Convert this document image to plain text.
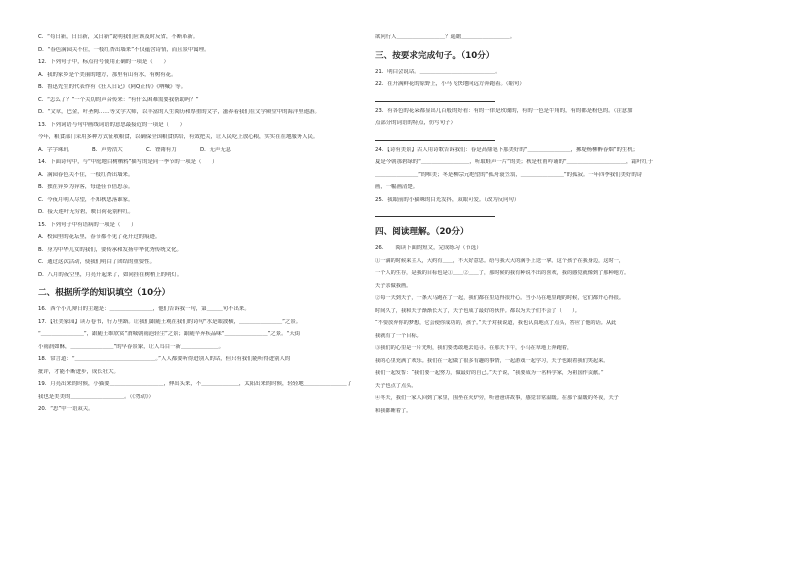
C．“苟日新，日日新，又日新”说明我们应该及时反省，不断革新。
D．“春色满园关不住，一枝红杏出墙来”不仅蕴含诗情，而且景中寓理。
12．下列句子中，标点符号使用正确的一项是（　　）
A．我的家乡是个美丽的地方，那里有山有水，有树有花。
B．鲁迅先生的代表作有《狂人日记》《阿Q正传》《呐喊》等。
C．“怎么了？”一个关切的声音传来：“有什么困难需要我帮助吗？”
D．“文章，巴金，叶圣陶……等文学大师，以丰富的人生阅历和厚重的文字，滋养着我们在文学殿堂中的海洋里遨游。
13．下列词语与句中画线词语的意思最接近的一项是（　　）
今年，粮食部门采用多种方式征收粮食，以确保全国粮食供给，有效把关，让人民吃上放心粮，实实在在地服务人民。
A．字字珠玑	B．声势浩大	C．铿锵有力	D．无声无息
14．下面诗句中，与“中庭地白树栖鸦”描写的是同一季节的一项是（　　）
A．满园春色关不住，一枝红杏出墙来。
B．独在异乡为异客，每逢佳节倍思亲。
C．今夜月明人尽望，不知秋思落谁家。
D．接天莲叶无穷碧，映日荷花别样红。
15．下列句子中有语病的一项是（　　）
A．校园里的花坛里，春节都不见了花开过的痕迹。
B．身为中华儿女的我们，要传承和发扬中华优秀传统文化。
C．通过这次活动，使我们明白了团结的重要性。
D．八月的夜空里，月亮升起来了，如同挂在树梢上的明灯。
二、根据所学的知识填空（10分）
16．西个小儿辩日的主题是：＿＿＿＿＿＿＿＿，他们告诉我一句，第＿＿＿句不出来。
17．【壮美家园】读万卷书，行万里路。让我们跟随王观在我们的诗句“水是眼波横，＿＿＿＿＿＿＿＿”之景。
“＿＿＿＿＿＿＿＿”，跟随王维欣赏“渭城朝雨浥轻尘”之景；跟随辛弃疾品味“＿＿＿＿＿＿＿＿”之景。“天街
小雨润如酥，＿＿＿＿＿＿＿＿”的早春景象，让人耳目一新＿＿＿＿＿＿＿。
18．常言道：“＿＿＿＿＿＿＿＿＿＿＿＿＿＿＿。”人人都要听得进别人的话，但只有我们能听得进别人的
批评，才能不断进步，成长壮大。
19．月亮出来的时候，小猫要＿＿＿＿＿＿＿＿＿＿，伸出头来，不＿＿＿＿＿＿＿，太阳出来的时候，轻轻地＿＿＿＿＿＿＿＿了
我也是美美的＿＿＿＿＿＿＿＿＿＿。（《勿动》）
20．“思”中一语双关。
欲问行人＿＿＿＿＿＿＿＿＿？遥瞻＿＿＿＿＿＿＿＿＿。
三、按要求完成句子。（10分）
21．明白会说话。＿＿＿＿＿＿＿＿＿＿＿＿＿＿。
22．在开满鲜花的原野上，小马飞快地向远方奔跑着。（缩句）
23．有各色的花朵都显出几百般的好看：有的一律是玫瑰的，有的一色是牛角的，有的都是粉色的。（注意加
点部分的词语的特点，仿写句子）
24．【诗有美景】古人用诗歌告诉我们：春是高鼎笔下那美好的“＿＿＿＿＿＿＿＿，拂堤杨柳醉春烟”的生机；
夏是今朝那碧绿的“＿＿＿＿＿＿＿＿＿，听取蛙声一片”的美；秋是杜甫吟诵的“＿＿＿＿＿＿＿＿＿＿＿，霜叶红于
＿＿＿＿＿＿＿＿”的唯美；冬是柳宗元绝望的“孤舟蓑笠翁，＿＿＿＿＿＿＿＿”的孤寂。一年四季我们美好的诗
画，一幅画清楚。
25．我眼前的小猫咪的目光发抖，双眼可爱。（改为反问句）
四、阅读理解。（20分）
26．　　阅读下面的短文，完成练习（节选）
①一滴的时候来主人，大约有＿＿，不大好意思。给与我大大的满手上送一拿。这个孩子在我身边，这时一，
一个人的生存，是我的目标也是①＿＿②＿＿了，那时候的我有种说不出的喜欢，我的感觉就像到了那种地方。
天子亲做我画。
②每一天到天子，一条大马跑在了一起，我们都在里边得很开心。当小马在地里跑的时候，它们都开心得很。
时间久了，我和天子渐渐长大了，天子也成了最好的伙伴。都以为天子们不会了（　　）。
“不要放弃你的梦想，它会使你成功的，孩子。”天子对我说道，我也认真地点了点头，答应了他的话。从此
我就有了一个目标。
③我们的心里是一片光明，我们要勇敢地去追寻。在那天下午，小马在草地上奔跑着，
我的心里充满了欢乐。我们在一起做了很多有趣的事情，一起游戏一起学习，天子也跟着我们笑起来。
我们一起发誓：“我们要一起努力，做最好的自己。”天子说，“我要成为一名科学家，为祖国作贡献。”
天子也点了点头。
④冬天，我们一家人回到了家里，围坐在火炉旁，听爸爸讲故事，感觉非常温暖。在那个温暖的冬夜，天子
和我都睡着了。
